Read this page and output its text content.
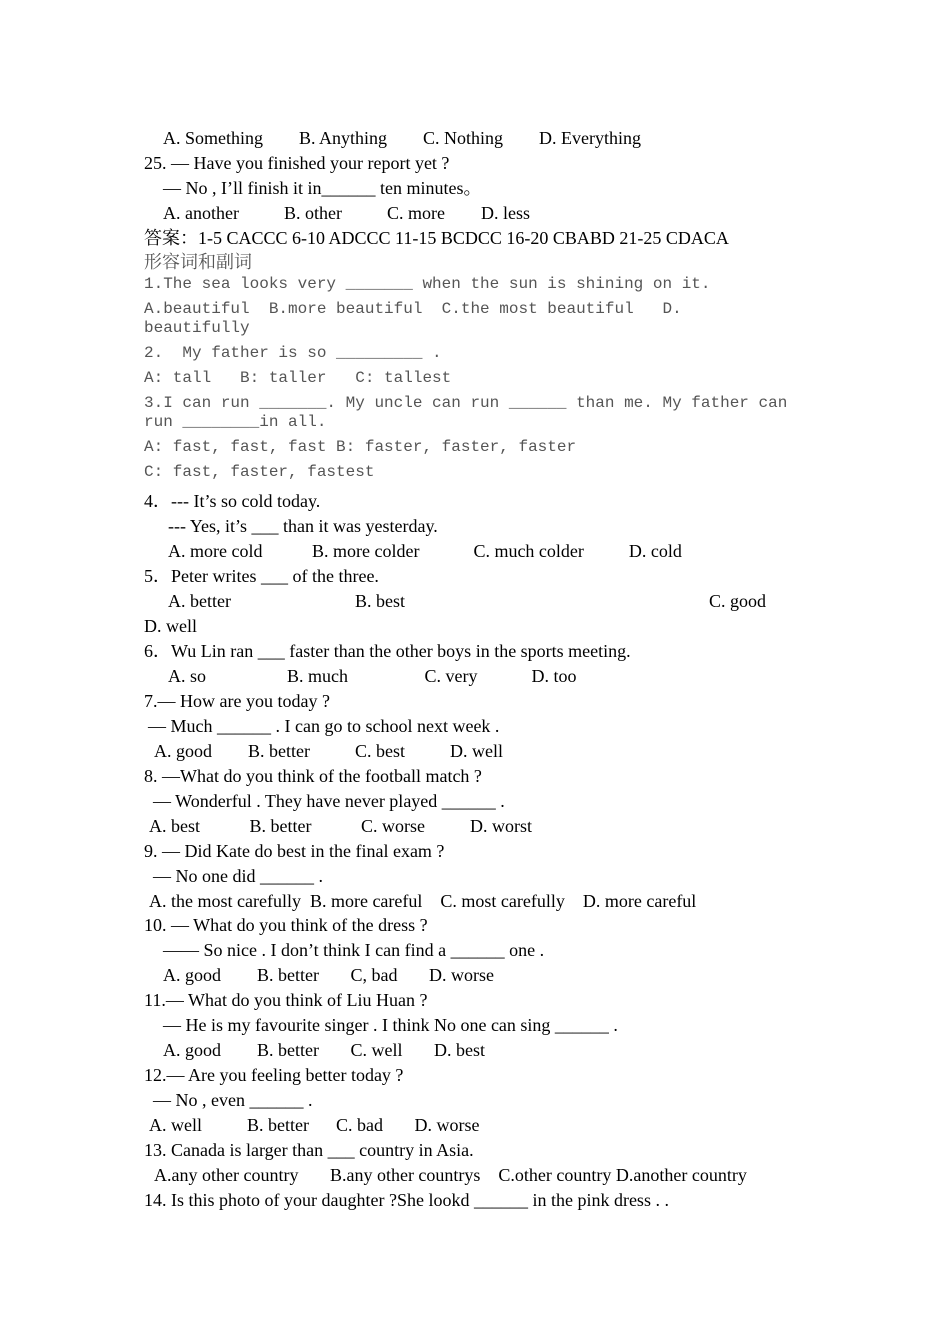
A. Something        B. Anything        C. Nothing        D. Everything
25. — Have you finished your report yet ?
— No , I’ll finish it in______ ten minutes。
A. another          B. other          C. more        D. less
答案：1-5 CACCC 6-10 ADCCC 11-15 BCDCC 16-20 CBABD 21-25 CDACA
形容词和副词
1.The sea looks very _______ when the sun is shining on it.
A.beautiful  B.more beautiful  C.the most beautiful   D.
beautifully
2.  My father is so _________ .
A: tall   B: taller   C: tallest
3.I can run _______. My uncle can run ______ than me. My father can
run ________in all.
A: fast, fast, fast B: faster, faster, faster
C: fast, faster, fastest
4．--- It’s so cold today.
--- Yes, it’s ___ than it was yesterday.
A. more cold           B. more colder            C. much colder          D. cold
5．Peter writes ___ of the three.
A. better	B. best	C. good
D. well
6．Wu Lin ran ___ faster than the other boys in the sports meeting.
A. so                  B. much                 C. very            D. too
7.— How are you today ?
— Much ______ . I can go to school next week .
A. good        B. better          C. best          D. well
8. —What do you think of the football match ?
— Wonderful . They have never played ______ .
A. best           B. better           C. worse          D. worst
9. — Did Kate do best in the final exam ?
— No one did ______ .
A. the most carefully  B. more careful    C. most carefully    D. more careful
10. — What do you think of the dress ?
—— So nice . I don’t think I can find a ______ one .
A. good        B. better       C, bad       D. worse
11.— What do you think of Liu Huan ?
— He is my favourite singer . I think No one can sing ______ .
A. good        B. better       C. well       D. best
12.— Are you feeling better today ?
— No , even ______ .
A. well          B. better      C. bad       D. worse
13. Canada is larger than ___ country in Asia.
A.any other country       B.any other countrys    C.other country D.another country
14. Is this photo of your daughter ?She lookd ______ in the pink dress . .
